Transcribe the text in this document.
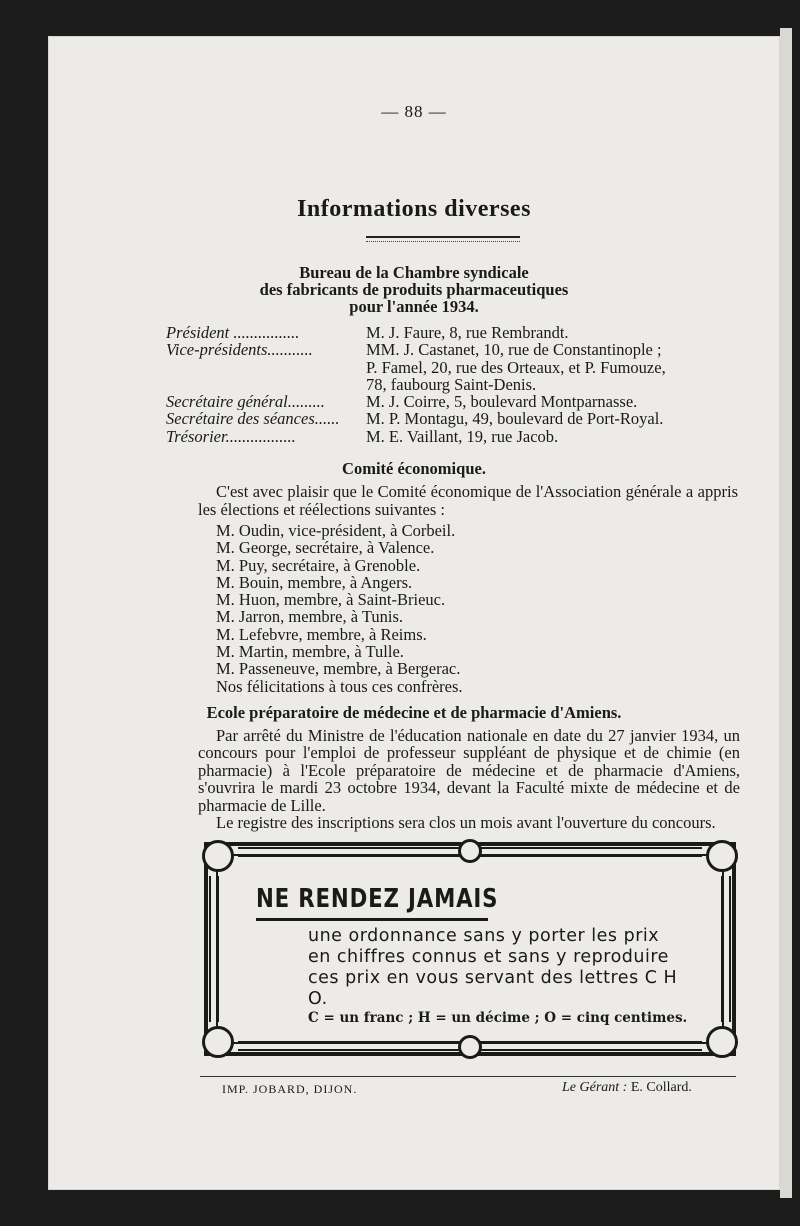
— 88 —
Informations diverses
Bureau de la Chambre syndicale
des fabricants de produits pharmaceutiques
pour l'année 1934.
Président ................	M. J. Faure, 8, rue Rembrandt.
Vice-présidents...........	MM. J. Castanet, 10, rue de Constantinople ;
P. Famel, 20, rue des Orteaux, et P. Fumouze,
78, faubourg Saint-Denis.
Secrétaire général.........	M. J. Coirre, 5, boulevard Montparnasse.
Secrétaire des séances......	M. P. Montagu, 49, boulevard de Port-Royal.
Trésorier.................	M. E. Vaillant, 19, rue Jacob.
Comité économique.
C'est avec plaisir que le Comité économique de l'Association générale a appris les élections et réélections suivantes :
M. Oudin, vice-président, à Corbeil.
M. George, secrétaire, à Valence.
M. Puy, secrétaire, à Grenoble.
M. Bouin, membre, à Angers.
M. Huon, membre, à Saint-Brieuc.
M. Jarron, membre, à Tunis.
M. Lefebvre, membre, à Reims.
M. Martin, membre, à Tulle.
M. Passeneuve, membre, à Bergerac.
Nos félicitations à tous ces confrères.
Ecole préparatoire de médecine et de pharmacie d'Amiens.

Par arrêté du Ministre de l'éducation nationale en date du 27 janvier 1934, un concours pour l'emploi de professeur suppléant de physique et de chimie (en pharmacie) à l'Ecole préparatoire de médecine et de pharmacie d'Amiens, s'ouvrira le mardi 23 octobre 1934, devant la Faculté mixte de médecine et de pharmacie de Lille.

Le registre des inscriptions sera clos un mois avant l'ouverture du concours.

NE RENDEZ JAMAIS
une ordonnance sans y porter les prix en chiffres connus et sans y reproduire ces prix en vous servant des lettres C H O.
C = un franc ; H = un décime ; O = cinq centimes.
IMP. JOBARD, DIJON.	Le Gérant : E. Collard.
